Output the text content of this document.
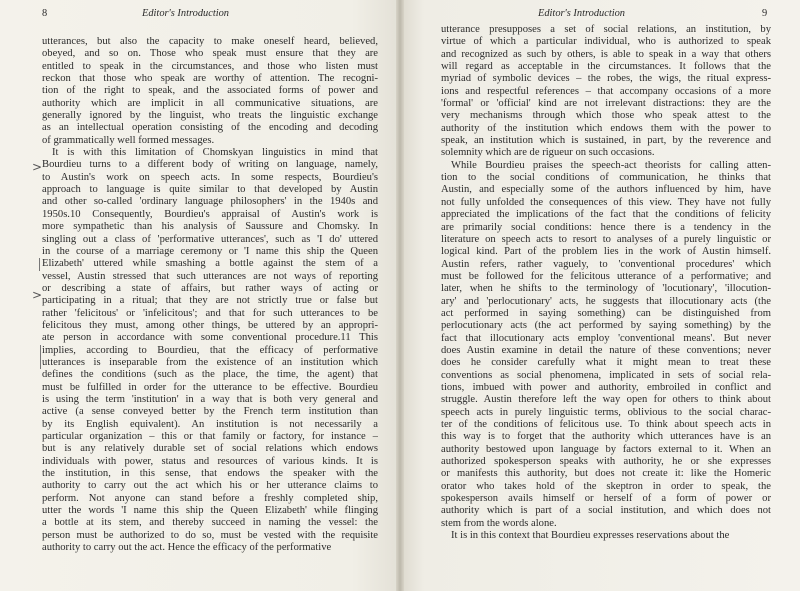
8	Editor's Introduction
>
>
utterances, but also the capacity to make oneself heard, believed,
obeyed, and so on. Those who speak must ensure that they are
entitled to speak in the circumstances, and those who listen must
reckon that those who speak are worthy of attention. The recogni-
tion of the right to speak, and the associated forms of power and
authority which are implicit in all communicative situations, are
generally ignored by the linguist, who treats the linguistic exchange
as an intellectual operation consisting of the encoding and decoding
of grammatically well formed messages.
It is with this limitation of Chomskyan linguistics in mind that
Bourdieu turns to a different body of writing on language, namely,
to Austin's work on speech acts. In some respects, Bourdieu's
approach to language is quite similar to that developed by Austin
and other so-called 'ordinary language philosophers' in the 1940s and
1950s.10 Consequently, Bourdieu's appraisal of Austin's work is
more sympathetic than his analysis of Saussure and Chomsky. In
singling out a class of 'performative utterances', such as 'I do' uttered
in the course of a marriage ceremony or 'I name this ship the Queen
Elizabeth' uttered while smashing a bottle against the stem of a
vessel, Austin stressed that such utterances are not ways of reporting
or describing a state of affairs, but rather ways of acting or
participating in a ritual; that they are not strictly true or false but
rather 'felicitous' or 'infelicitous'; and that for such utterances to be
felicitous they must, among other things, be uttered by an appropri-
ate person in accordance with some conventional procedure.11 This
implies, according to Bourdieu, that the efficacy of performative
utterances is inseparable from the existence of an institution which
defines the conditions (such as the place, the time, the agent) that
must be fulfilled in order for the utterance to be effective. Bourdieu
is using the term 'institution' in a way that is both very general and
active (a sense conveyed better by the French term institution than
by its English equivalent). An institution is not necessarily a
particular organization – this or that family or factory, for instance –
but is any relatively durable set of social relations which endows
individuals with power, status and resources of various kinds. It is
the institution, in this sense, that endows the speaker with the
authority to carry out the act which his or her utterance claims to
perform. Not anyone can stand before a freshly completed ship,
utter the words 'I name this ship the Queen Elizabeth' while flinging
a bottle at its stem, and thereby succeed in naming the vessel: the
person must be authorized to do so, must be vested with the requisite
authority to carry out the act. Hence the efficacy of the performative
Editor's Introduction	9
utterance presupposes a set of social relations, an institution, by
virtue of which a particular individual, who is authorized to speak
and recognized as such by others, is able to speak in a way that others
will regard as acceptable in the circumstances. It follows that the
myriad of symbolic devices – the robes, the wigs, the ritual express-
ions and respectful references – that accompany occasions of a more
'formal' or 'official' kind are not irrelevant distractions: they are the
very mechanisms through which those who speak attest to the
authority of the institution which endows them with the power to
speak, an institution which is sustained, in part, by the reverence and
solemnity which are de rigueur on such occasions.
While Bourdieu praises the speech-act theorists for calling atten-
tion to the social conditions of communication, he thinks that
Austin, and especially some of the authors influenced by him, have
not fully unfolded the consequences of this view. They have not fully
appreciated the implications of the fact that the conditions of felicity
are primarily social conditions: hence there is a tendency in the
literature on speech acts to resort to analyses of a purely linguistic or
logical kind. Part of the problem lies in the work of Austin himself.
Austin refers, rather vaguely, to 'conventional procedures' which
must be followed for the felicitous utterance of a performative; and
later, when he shifts to the terminology of 'locutionary', 'illocution-
ary' and 'perlocutionary' acts, he suggests that illocutionary acts (the
act performed in saying something) can be distinguished from
perlocutionary acts (the act performed by saying something) by the
fact that illocutionary acts employ 'conventional means'. But never
does Austin examine in detail the nature of these conventions; never
does he consider carefully what it might mean to treat these
conventions as social phenomena, implicated in sets of social rela-
tions, imbued with power and authority, embroiled in conflict and
struggle. Austin therefore left the way open for others to think about
speech acts in purely linguistic terms, oblivious to the social charac-
ter of the conditions of felicitous use. To think about speech acts in
this way is to forget that the authority which utterances have is an
authority bestowed upon language by factors external to it. When an
authorized spokesperson speaks with authority, he or she expresses
or manifests this authority, but does not create it: like the Homeric
orator who takes hold of the skeptron in order to speak, the
spokesperson avails himself or herself of a form of power or
authority which is part of a social institution, and which does not
stem from the words alone.
It is in this context that Bourdieu expresses reservations about the
